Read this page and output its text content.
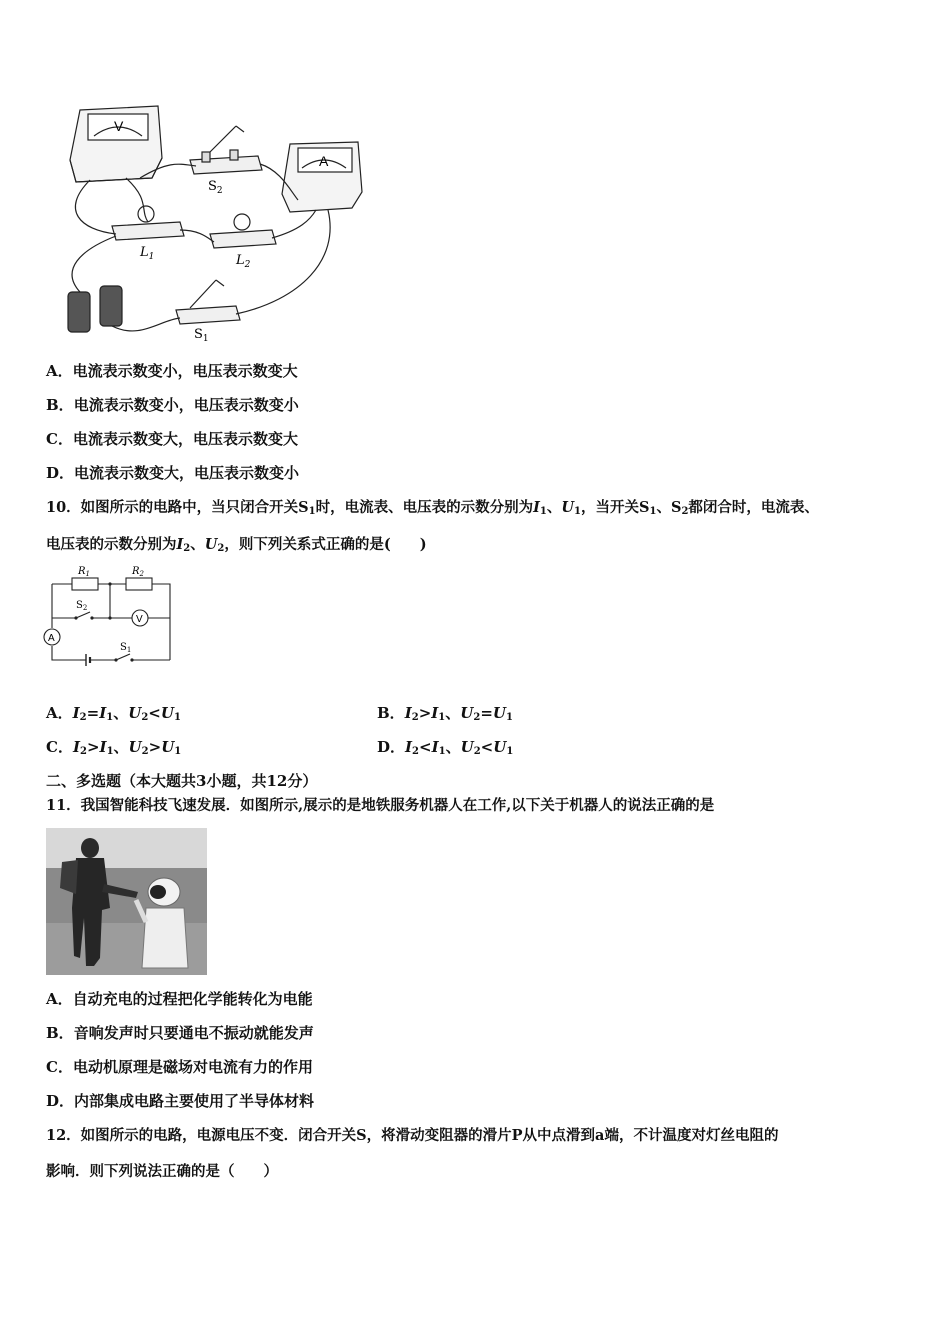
V
A
$S_2$
$L_1$	$L_2$
$S_1$
A．电流表示数变小，电压表示数变大
B．电流表示数变小，电压表示数变小
C．电流表示数变大，电压表示数变大
D．电流表示数变大，电压表示数变小
10．如图所示的电路中，当只闭合开关$S_1$时，电流表、电压表的示数分别为$I_1$、$U_1$，当开关$S_1$、$S_2$都闭合时，电流表、
电压表的示数分别为$I_2$、$U_2$，则下列关系式正确的是(　　)
$R_1$	$R_2$
$S_2$
V
A
$S_1$
A．$I_2=I_1$、$U_2<U_1$	B．$I_2>I_1$、$U_2=U_1$
C．$I_2>I_1$、$U_2>U_1$	D．$I_2<I_1$、$U_2<U_1$
二、多选题（本大题共3小题，共12分）
11．我国智能科技飞速发展．如图所示,展示的是地铁服务机器人在工作,以下关于机器人的说法正确的是
A．自动充电的过程把化学能转化为电能
B．音响发声时只要通电不振动就能发声
C．电动机原理是磁场对电流有力的作用
D．内部集成电路主要使用了半导体材料
12．如图所示的电路，电源电压不变．闭合开关S，将滑动变阻器的滑片P从中点滑到a端，不计温度对灯丝电阻的
影响．则下列说法正确的是（　　）
